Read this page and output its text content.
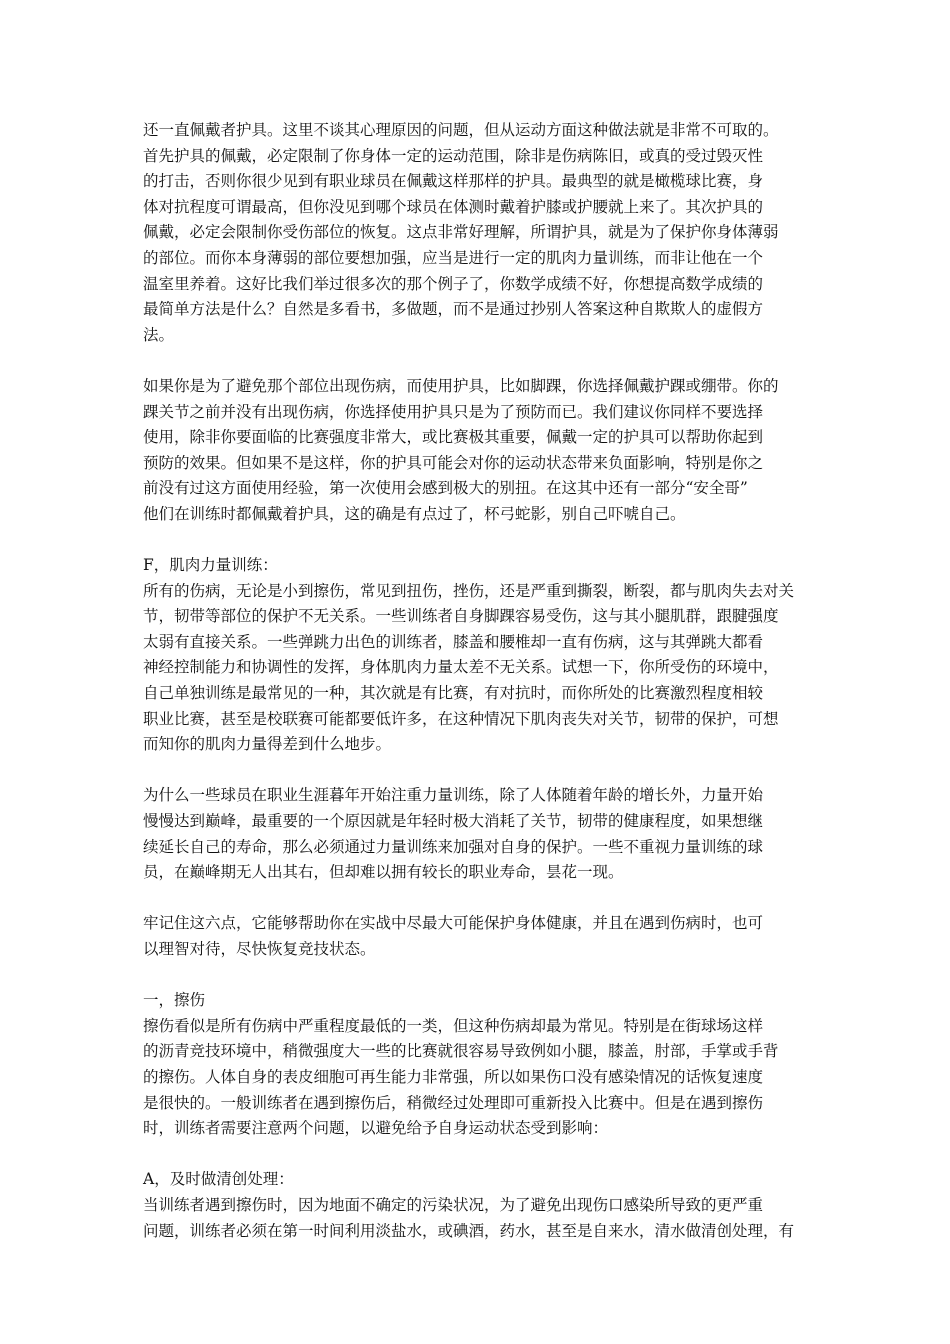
还一直佩戴者护具。这里不谈其心理原因的问题，但从运动方面这种做法就是非常不可取的。
首先护具的佩戴，必定限制了你身体一定的运动范围，除非是伤病陈旧，或真的受过毁灭性
的打击，否则你很少见到有职业球员在佩戴这样那样的护具。最典型的就是橄榄球比赛，身
体对抗程度可谓最高，但你没见到哪个球员在体测时戴着护膝或护腰就上来了。其次护具的
佩戴，必定会限制你受伤部位的恢复。这点非常好理解，所谓护具，就是为了保护你身体薄弱
的部位。而你本身薄弱的部位要想加强，应当是进行一定的肌肉力量训练，而非让他在一个
温室里养着。这好比我们举过很多次的那个例子了，你数学成绩不好，你想提高数学成绩的
最简单方法是什么？自然是多看书，多做题，而不是通过抄别人答案这种自欺欺人的虚假方
法。
如果你是为了避免那个部位出现伤病，而使用护具，比如脚踝，你选择佩戴护踝或绷带。你的
踝关节之前并没有出现伤病，你选择使用护具只是为了预防而已。我们建议你同样不要选择
使用，除非你要面临的比赛强度非常大，或比赛极其重要，佩戴一定的护具可以帮助你起到
预防的效果。但如果不是这样，你的护具可能会对你的运动状态带来负面影响，特别是你之
前没有过这方面使用经验，第一次使用会感到极大的别扭。在这其中还有一部分“安全哥”
他们在训练时都佩戴着护具，这的确是有点过了，杯弓蛇影，别自己吓唬自己。
F，肌肉力量训练：
所有的伤病，无论是小到擦伤，常见到扭伤，挫伤，还是严重到撕裂，断裂，都与肌肉失去对关
节，韧带等部位的保护不无关系。一些训练者自身脚踝容易受伤，这与其小腿肌群，跟腱强度
太弱有直接关系。一些弹跳力出色的训练者，膝盖和腰椎却一直有伤病，这与其弹跳大都看
神经控制能力和协调性的发挥，身体肌肉力量太差不无关系。试想一下，你所受伤的环境中，
自己单独训练是最常见的一种，其次就是有比赛，有对抗时，而你所处的比赛激烈程度相较
职业比赛，甚至是校联赛可能都要低许多，在这种情况下肌肉丧失对关节，韧带的保护，可想
而知你的肌肉力量得差到什么地步。
为什么一些球员在职业生涯暮年开始注重力量训练，除了人体随着年龄的增长外，力量开始
慢慢达到巅峰，最重要的一个原因就是年轻时极大消耗了关节，韧带的健康程度，如果想继
续延长自己的寿命，那么必须通过力量训练来加强对自身的保护。一些不重视力量训练的球
员，在巅峰期无人出其右，但却难以拥有较长的职业寿命，昙花一现。
牢记住这六点，它能够帮助你在实战中尽最大可能保护身体健康，并且在遇到伤病时，也可
以理智对待，尽快恢复竞技状态。
一，擦伤
擦伤看似是所有伤病中严重程度最低的一类，但这种伤病却最为常见。特别是在街球场这样
的沥青竞技环境中，稍微强度大一些的比赛就很容易导致例如小腿，膝盖，肘部，手掌或手背
的擦伤。人体自身的表皮细胞可再生能力非常强，所以如果伤口没有感染情况的话恢复速度
是很快的。一般训练者在遇到擦伤后，稍微经过处理即可重新投入比赛中。但是在遇到擦伤
时，训练者需要注意两个问题，以避免给予自身运动状态受到影响：
A，及时做清创处理：
当训练者遇到擦伤时，因为地面不确定的污染状况，为了避免出现伤口感染所导致的更严重
问题，训练者必须在第一时间利用淡盐水，或碘酒，药水，甚至是自来水，清水做清创处理，有
